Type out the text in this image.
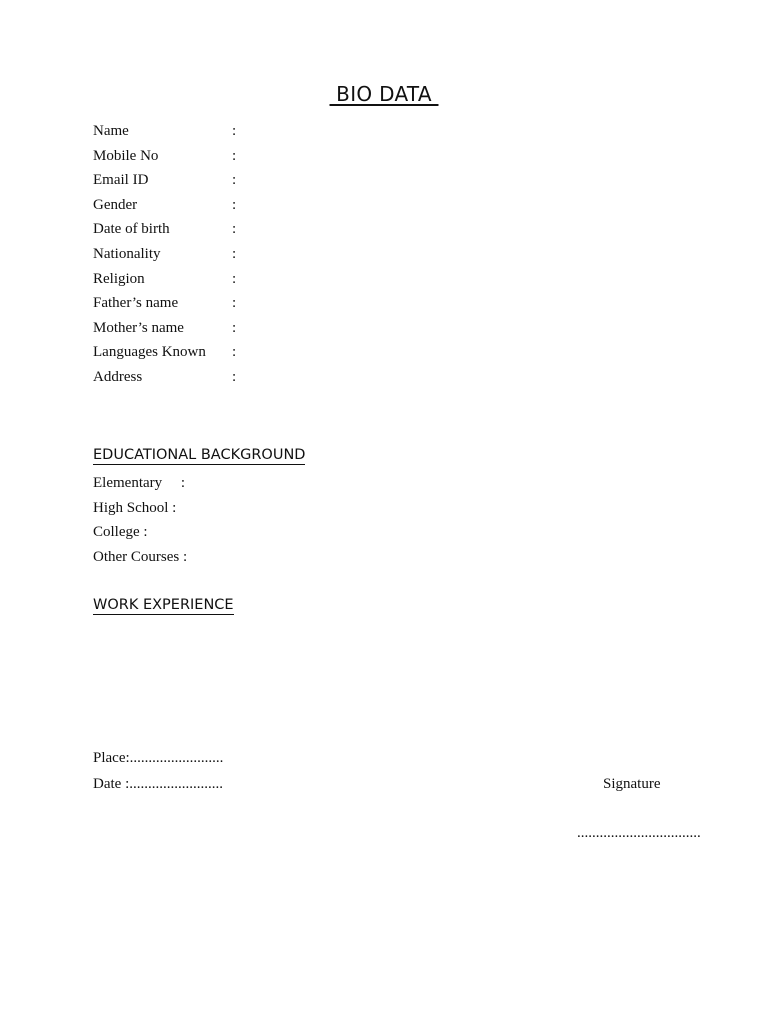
BIO DATA
Name	:
Mobile No	:
Email ID	:
Gender	:
Date of birth	:
Nationality	:
Religion	:
Father’s name	:
Mother’s name	:
Languages Known :
Address	:
EDUCATIONAL BACKGROUND
Elementary     :
High School :
College :
Other Courses :
WORK EXPERIENCE
Place:.........................
Date :.........................	Signature
.................................
